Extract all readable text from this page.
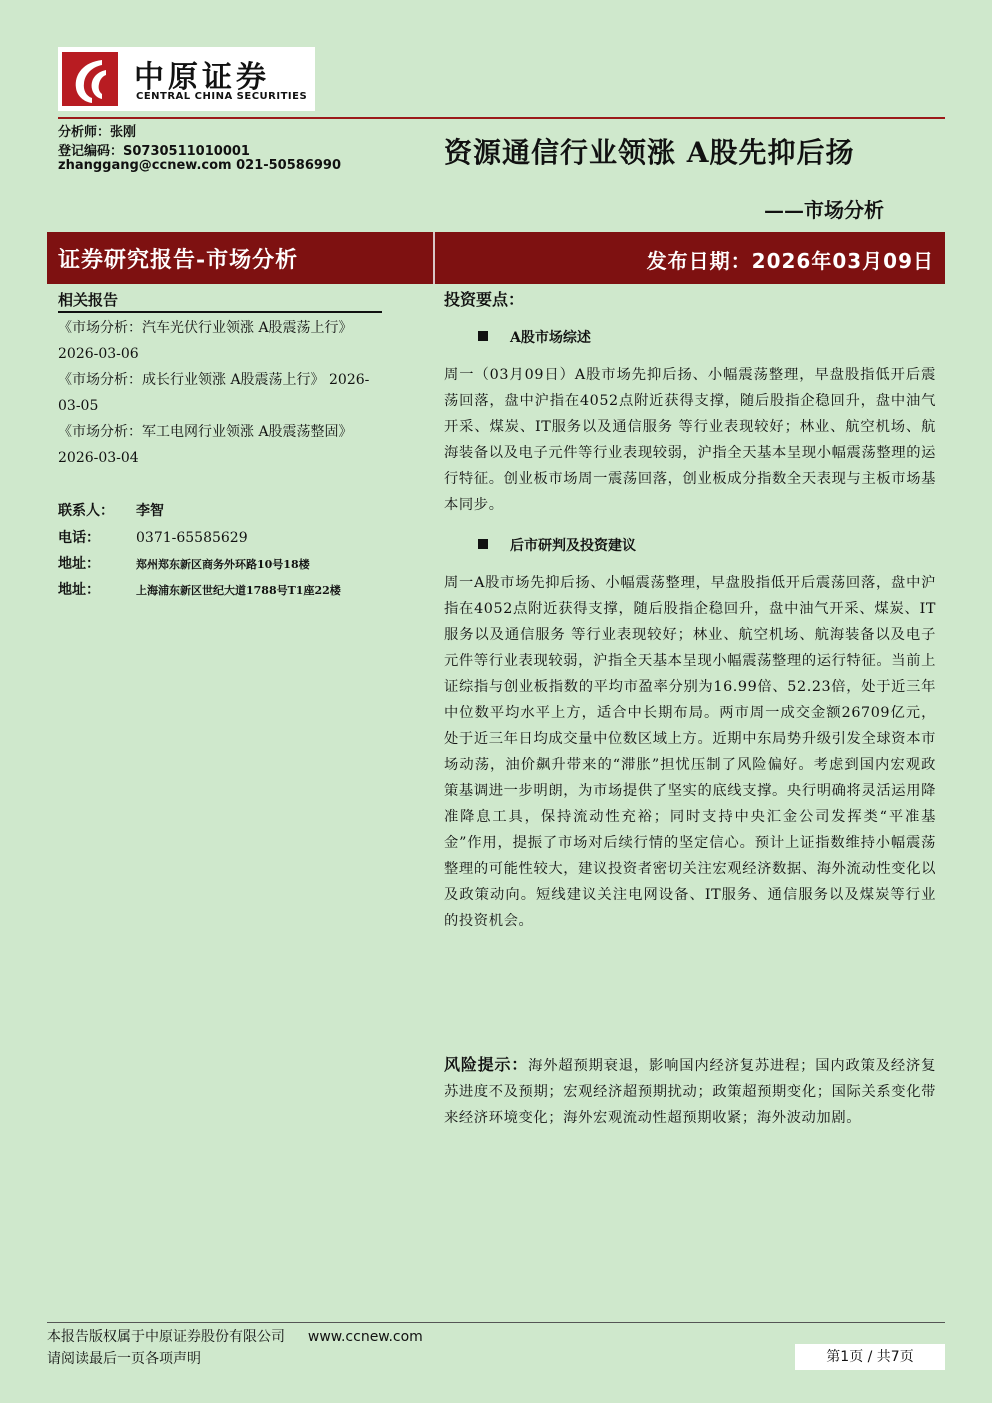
中原证券
CENTRAL CHINA SECURITIES
分析师：张刚
登记编码：S0730511010001
zhanggang@ccnew.com 021-50586990	资源通信行业领涨 A股先抑后扬
——市场分析
证券研究报告-市场分析	发布日期：2026年03月09日
相关报告

《市场分析：汽车光伏行业领涨 A股震荡上行》 2026-03-06

《市场分析：成长行业领涨 A股震荡上行》 2026-03-05

《市场分析：军工电网行业领涨 A股震荡整固》 2026-03-04

联系人： 李智
电话：	0371-65585629
地址：	郑州郑东新区商务外环路10号18楼
地址：	上海浦东新区世纪大道1788号T1座22楼
投资要点：
A股市场综述
周一（03月09日）A股市场先抑后扬、小幅震荡整理，早盘股指低开后震荡回落，盘中沪指在4052点附近获得支撑，随后股指企稳回升，盘中油气开采、煤炭、IT服务以及通信服务 等行业表现较好；林业、航空机场、航海装备以及电子元件等行业表现较弱，沪指全天基本呈现小幅震荡整理的运行特征。创业板市场周一震荡回落，创业板成分指数全天表现与主板市场基本同步。
后市研判及投资建议
周一A股市场先抑后扬、小幅震荡整理，早盘股指低开后震荡回落，盘中沪指在4052点附近获得支撑，随后股指企稳回升，盘中油气开采、煤炭、IT服务以及通信服务 等行业表现较好；林业、航空机场、航海装备以及电子元件等行业表现较弱，沪指全天基本呈现小幅震荡整理的运行特征。当前上证综指与创业板指数的平均市盈率分别为16.99倍、52.23倍，处于近三年中位数平均水平上方，适合中长期布局。两市周一成交金额26709亿元，处于近三年日均成交量中位数区域上方。近期中东局势升级引发全球资本市场动荡，油价飙升带来的“滞胀”担忧压制了风险偏好。考虑到国内宏观政策基调进一步明朗，为市场提供了坚实的底线支撑。央行明确将灵活运用降准降息工具，保持流动性充裕；同时支持中央汇金公司发挥类“平准基金”作用，提振了市场对后续行情的坚定信心。预计上证指数维持小幅震荡整理的可能性较大，建议投资者密切关注宏观经济数据、海外流动性变化以及政策动向。短线建议关注电网设备、IT服务、通信服务以及煤炭等行业的投资机会。
风险提示：海外超预期衰退，影响国内经济复苏进程；国内政策及经济复苏进度不及预期；宏观经济超预期扰动；政策超预期变化；国际关系变化带来经济环境变化；海外宏观流动性超预期收紧；海外波动加剧。
本报告版权属于中原证券股份有限公司 www.ccnew.com
请阅读最后一页各项声明	第1页 / 共7页
